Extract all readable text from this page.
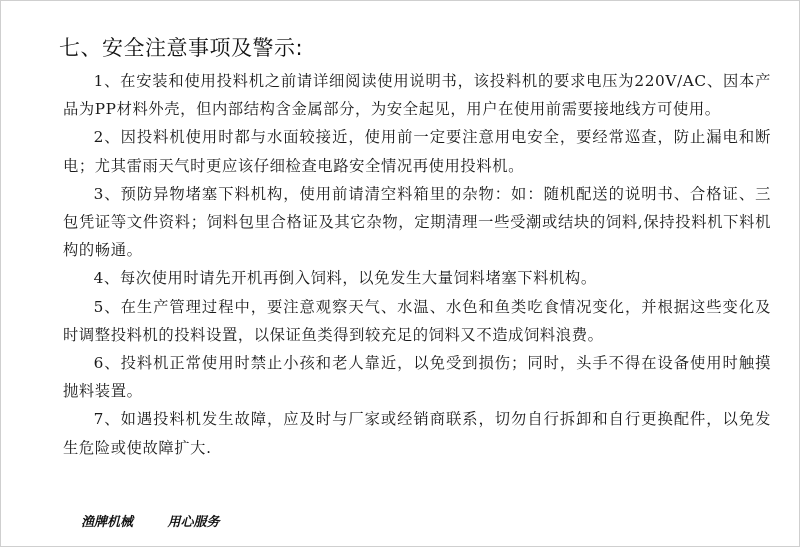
七、安全注意事项及警示:

1、在安装和使用投料机之前请详细阅读使用说明书，该投料机的要求电压为220V/AC、因本产品为PP材料外壳，但内部结构含金属部分，为安全起见，用户在使用前需要接地线方可使用。

2、因投料机使用时都与水面较接近，使用前一定要注意用电安全，要经常巡查，防止漏电和断电；尤其雷雨天气时更应该仔细检查电路安全情况再使用投料机。

3、预防异物堵塞下料机构，使用前请清空料箱里的杂物：如：随机配送的说明书、合格证、三包凭证等文件资料；饲料包里合格证及其它杂物，定期清理一些受潮或结块的饲料,保持投料机下料机构的畅通。

4、每次使用时请先开机再倒入饲料，以免发生大量饲料堵塞下料机构。

5、在生产管理过程中，要注意观察天气、水温、水色和鱼类吃食情况变化，并根据这些变化及时调整投料机的投料设置，以保证鱼类得到较充足的饲料又不造成饲料浪费。

6、投料机正常使用时禁止小孩和老人靠近，以免受到损伤；同时，头手不得在设备使用时触摸抛料装置。

7、如遇投料机发生故障，应及时与厂家或经销商联系，切勿自行拆卸和自行更换配件，以免发生危险或使故障扩大.

渔牌机械	用心服务
